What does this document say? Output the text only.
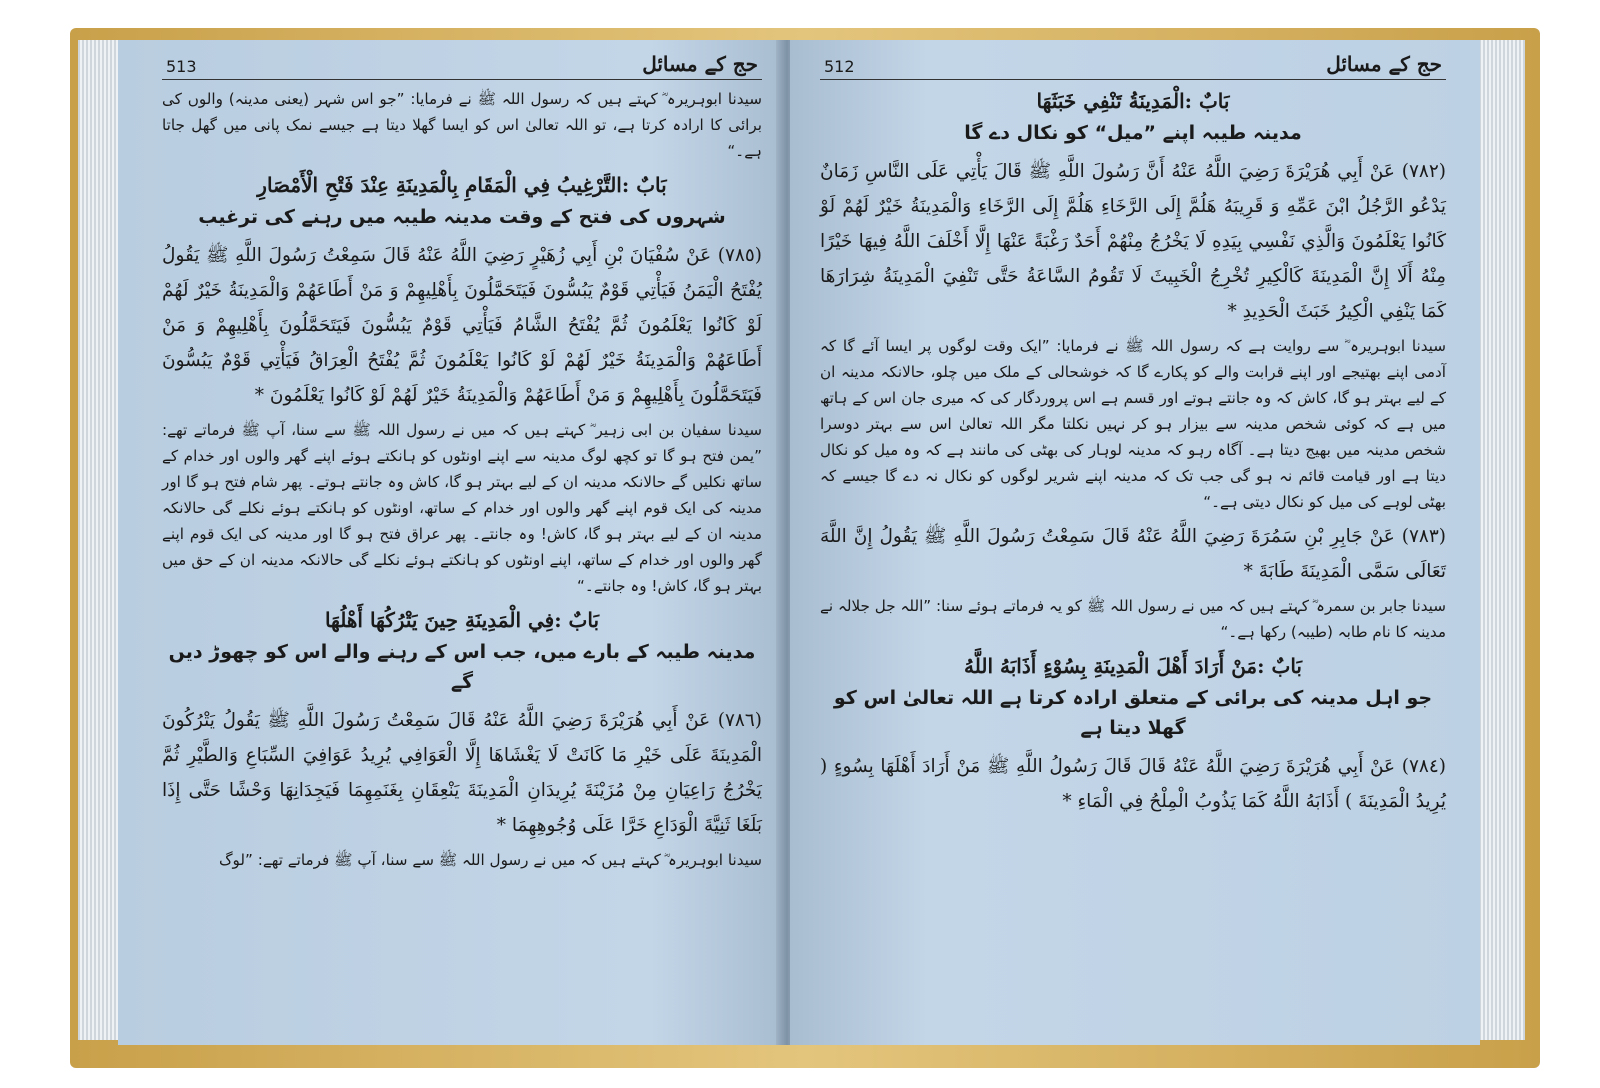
حج کے مسائل
513

سیدنا ابوہریرہ ؓ کہتے ہیں کہ رسول اللہ ﷺ نے فرمایا: ”جو اس شہر (یعنی مدینہ) والوں کی برائی کا ارادہ کرتا ہے، تو اللہ تعالیٰ اس کو ایسا گھلا دیتا ہے جیسے نمک پانی میں گھل جاتا ہے۔“

بَابٌ :التَّرْغِيبُ فِي الْمَقَامِ بِالْمَدِينَةِ عِنْدَ فَتْحِ الْأَمْصَارِ
شہروں کی فتح کے وقت مدینہ طیبہ میں رہنے کی ترغیب

(٧٨٥) عَنْ سُفْيَانَ بْنِ أَبِي زُهَيْرٍ رَضِيَ اللَّهُ عَنْهُ قَالَ سَمِعْتُ رَسُولَ اللَّهِ ﷺ يَقُولُ يُفْتَحُ الْيَمَنُ فَيَأْتِي قَوْمٌ يَبُسُّونَ فَيَتَحَمَّلُونَ بِأَهْلِيهِمْ وَ مَنْ أَطَاعَهُمْ وَالْمَدِينَةُ خَيْرٌ لَهُمْ لَوْ كَانُوا يَعْلَمُونَ ثُمَّ يُفْتَحُ الشَّامُ فَيَأْتِي قَوْمٌ يَبُسُّونَ فَيَتَحَمَّلُونَ بِأَهْلِيهِمْ وَ مَنْ أَطَاعَهُمْ وَالْمَدِينَةُ خَيْرٌ لَهُمْ لَوْ كَانُوا يَعْلَمُونَ ثُمَّ يُفْتَحُ الْعِرَاقُ فَيَأْتِي قَوْمٌ يَبُسُّونَ فَيَتَحَمَّلُونَ بِأَهْلِيهِمْ وَ مَنْ أَطَاعَهُمْ وَالْمَدِينَةُ خَيْرٌ لَهُمْ لَوْ كَانُوا يَعْلَمُونَ *

سیدنا سفیان بن ابی زہیر ؓ کہتے ہیں کہ میں نے رسول اللہ ﷺ سے سنا، آپ ﷺ فرماتے تھے: ”یمن فتح ہو گا تو کچھ لوگ مدینہ سے اپنے اونٹوں کو ہانکتے ہوئے اپنے گھر والوں اور خدام کے ساتھ نکلیں گے حالانکہ مدینہ ان کے لیے بہتر ہو گا، کاش وہ جانتے ہوتے۔ پھر شام فتح ہو گا اور مدینہ کی ایک قوم اپنے گھر والوں اور خدام کے ساتھ، اونٹوں کو ہانکتے ہوئے نکلے گی حالانکہ مدینہ ان کے لیے بہتر ہو گا، کاش! وہ جانتے۔ پھر عراق فتح ہو گا اور مدینہ کی ایک قوم اپنے گھر والوں اور خدام کے ساتھ، اپنے اونٹوں کو ہانکتے ہوئے نکلے گی حالانکہ مدینہ ان کے حق میں بہتر ہو گا، کاش! وہ جانتے۔“

بَابٌ :فِي الْمَدِينَةِ حِينَ يَتْرُكُهَا أَهْلُهَا
مدینہ طیبہ کے بارے میں، جب اس کے رہنے والے اس کو چھوڑ دیں گے

(٧٨٦) عَنْ أَبِي هُرَيْرَةَ رَضِيَ اللَّهُ عَنْهُ قَالَ سَمِعْتُ رَسُولَ اللَّهِ ﷺ يَقُولُ يَتْرُكُونَ الْمَدِينَةَ عَلَى خَيْرِ مَا كَانَتْ لَا يَغْشَاهَا إِلَّا الْعَوَافِي يُرِيدُ عَوَافِيَ السِّبَاعِ وَالطَّيْرِ ثُمَّ يَخْرُجُ رَاعِيَانِ مِنْ مُزَيْنَةَ يُرِيدَانِ الْمَدِينَةَ يَنْعِقَانِ بِغَنَمِهِمَا فَيَجِدَانِهَا وَحْشًا حَتَّى إِذَا بَلَغَا ثَنِيَّةَ الْوَدَاعِ خَرَّا عَلَى وُجُوهِهِمَا *

سیدنا ابوہریرہ ؓ کہتے ہیں کہ میں نے رسول اللہ ﷺ سے سنا، آپ ﷺ فرماتے تھے: ”لوگ

حج کے مسائل
512
بَابٌ :الْمَدِينَةُ تَنْفِي خَبَثَهَا
مدینہ طیبہ اپنے ”میل“ کو نکال دے گا

(٧٨٢) عَنْ أَبِي هُرَيْرَةَ رَضِيَ اللَّهُ عَنْهُ أَنَّ رَسُولَ اللَّهِ ﷺ قَالَ يَأْتِي عَلَى النَّاسِ زَمَانٌ يَدْعُو الرَّجُلُ ابْنَ عَمِّهِ وَ قَرِيبَهُ هَلُمَّ إِلَى الرَّخَاءِ هَلُمَّ إِلَى الرَّخَاءِ وَالْمَدِينَةُ خَيْرٌ لَهُمْ لَوْ كَانُوا يَعْلَمُونَ وَالَّذِي نَفْسِي بِيَدِهِ لَا يَخْرُجُ مِنْهُمْ أَحَدٌ رَغْبَةً عَنْهَا إِلَّا أَخْلَفَ اللَّهُ فِيهَا خَيْرًا مِنْهُ أَلَا إِنَّ الْمَدِينَةَ كَالْكِيرِ تُخْرِجُ الْخَبِيثَ لَا تَقُومُ السَّاعَةُ حَتَّى تَنْفِيَ الْمَدِينَةُ شِرَارَهَا كَمَا يَنْفِي الْكِيرُ خَبَثَ الْحَدِيدِ *

سیدنا ابوہریرہ ؓ سے روایت ہے کہ رسول اللہ ﷺ نے فرمایا: ”ایک وقت لوگوں پر ایسا آئے گا کہ آدمی اپنے بھتیجے اور اپنے قرابت والے کو پکارے گا کہ خوشحالی کے ملک میں چلو، حالانکہ مدینہ ان کے لیے بہتر ہو گا، کاش کہ وہ جانتے ہوتے اور قسم ہے اس پروردگار کی کہ میری جان اس کے ہاتھ میں ہے کہ کوئی شخص مدینہ سے بیزار ہو کر نہیں نکلتا مگر اللہ تعالیٰ اس سے بہتر دوسرا شخص مدینہ میں بھیج دیتا ہے۔ آگاہ رہو کہ مدینہ لوہار کی بھٹی کی مانند ہے کہ وہ میل کو نکال دیتا ہے اور قیامت قائم نہ ہو گی جب تک کہ مدینہ اپنے شریر لوگوں کو نکال نہ دے گا جیسے کہ بھٹی لوہے کی میل کو نکال دیتی ہے۔“

(٧٨٣) عَنْ جَابِرِ بْنِ سَمُرَةَ رَضِيَ اللَّهُ عَنْهُ قَالَ سَمِعْتُ رَسُولَ اللَّهِ ﷺ يَقُولُ إِنَّ اللَّهَ تَعَالَى سَمَّى الْمَدِينَةَ طَابَةَ *

سیدنا جابر بن سمرہ ؓ کہتے ہیں کہ میں نے رسول اللہ ﷺ کو یہ فرماتے ہوئے سنا: ”اللہ جل جلالہ نے مدینہ کا نام طابہ (طیبہ) رکھا ہے۔“

بَابٌ :مَنْ أَرَادَ أَهْلَ الْمَدِينَةِ بِسُوْءٍ أَذَابَهُ اللَّهُ
جو اہل مدینہ کی برائی کے متعلق ارادہ کرتا ہے اللہ تعالیٰ اس کو گھلا دیتا ہے

(٧٨٤) عَنْ أَبِي هُرَيْرَةَ رَضِيَ اللَّهُ عَنْهُ قَالَ قَالَ رَسُولُ اللَّهِ ﷺ مَنْ أَرَادَ أَهْلَهَا بِسُوءٍ ( يُرِيدُ الْمَدِينَةَ ) أَذَابَهُ اللَّهُ كَمَا يَذُوبُ الْمِلْحُ فِي الْمَاءِ *
